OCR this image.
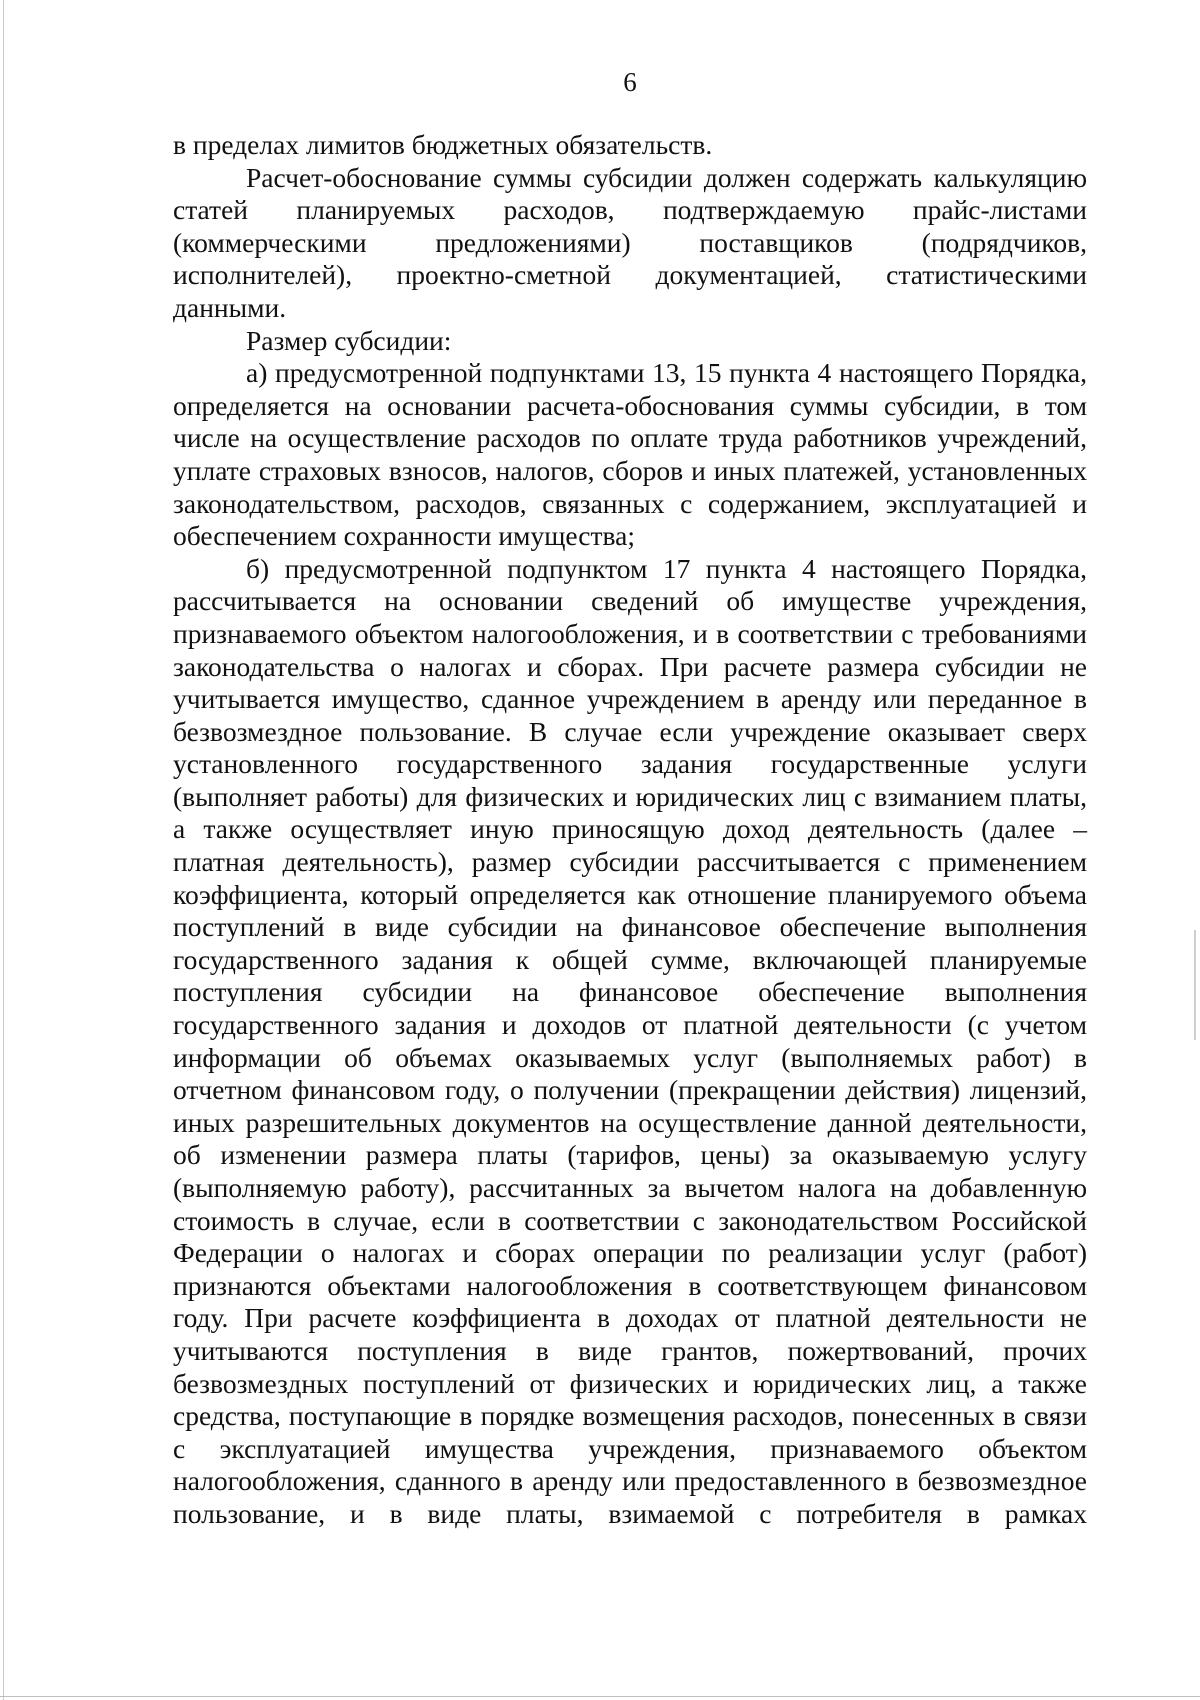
6

в пределах лимитов бюджетных обязательств.

Расчет-обоснование суммы субсидии должен содержать калькуляцию статей планируемых расходов, подтверждаемую прайс-листами (коммерческими предложениями) поставщиков (подрядчиков, исполнителей), проектно-сметной документацией, статистическими данными.

Размер субсидии:

а) предусмотренной подпунктами 13, 15 пункта 4 настоящего Порядка, определяется на основании расчета-обоснования суммы субсидии, в том числе на осуществление расходов по оплате труда работников учреждений, уплате страховых взносов, налогов, сборов и иных платежей, установленных законодательством, расходов, связанных с содержанием, эксплуатацией и обеспечением сохранности имущества;

б) предусмотренной подпунктом 17 пункта 4 настоящего Порядка, рассчитывается на основании сведений об имуществе учреждения, признаваемого объектом налогообложения, и в соответствии с требованиями законодательства о налогах и сборах. При расчете размера субсидии не учитывается имущество, сданное учреждением в аренду или переданное в безвозмездное пользование. В случае если учреждение оказывает сверх установленного государственного задания государственные услуги (выполняет работы) для физических и юридических лиц с взиманием платы, а также осуществляет иную приносящую доход деятельность (далее – платная деятельность), размер субсидии рассчитывается с применением коэффициента, который определяется как отношение планируемого объема поступлений в виде субсидии на финансовое обеспечение выполнения государственного задания к общей сумме, включающей планируемые поступления субсидии на финансовое обеспечение выполнения государственного задания и доходов от платной деятельности (с учетом информации об объемах оказываемых услуг (выполняемых работ) в отчетном финансовом году, о получении (прекращении действия) лицензий, иных разрешительных документов на осуществление данной деятельности, об изменении размера платы (тарифов, цены) за оказываемую услугу (выполняемую работу), рассчитанных за вычетом налога на добавленную стоимость в случае, если в соответствии с законодательством Российской Федерации о налогах и сборах операции по реализации услуг (работ) признаются объектами налогообложения в соответствующем финансовом году. При расчете коэффициента в доходах от платной деятельности не учитываются поступления в виде грантов, пожертвований, прочих безвозмездных поступлений от физических и юридических лиц, а также средства, поступающие в порядке возмещения расходов, понесенных в связи с эксплуатацией имущества учреждения, признаваемого объектом налогообложения, сданного в аренду или предоставленного в безвозмездное пользование, и в виде платы, взимаемой с потребителя в рамках
